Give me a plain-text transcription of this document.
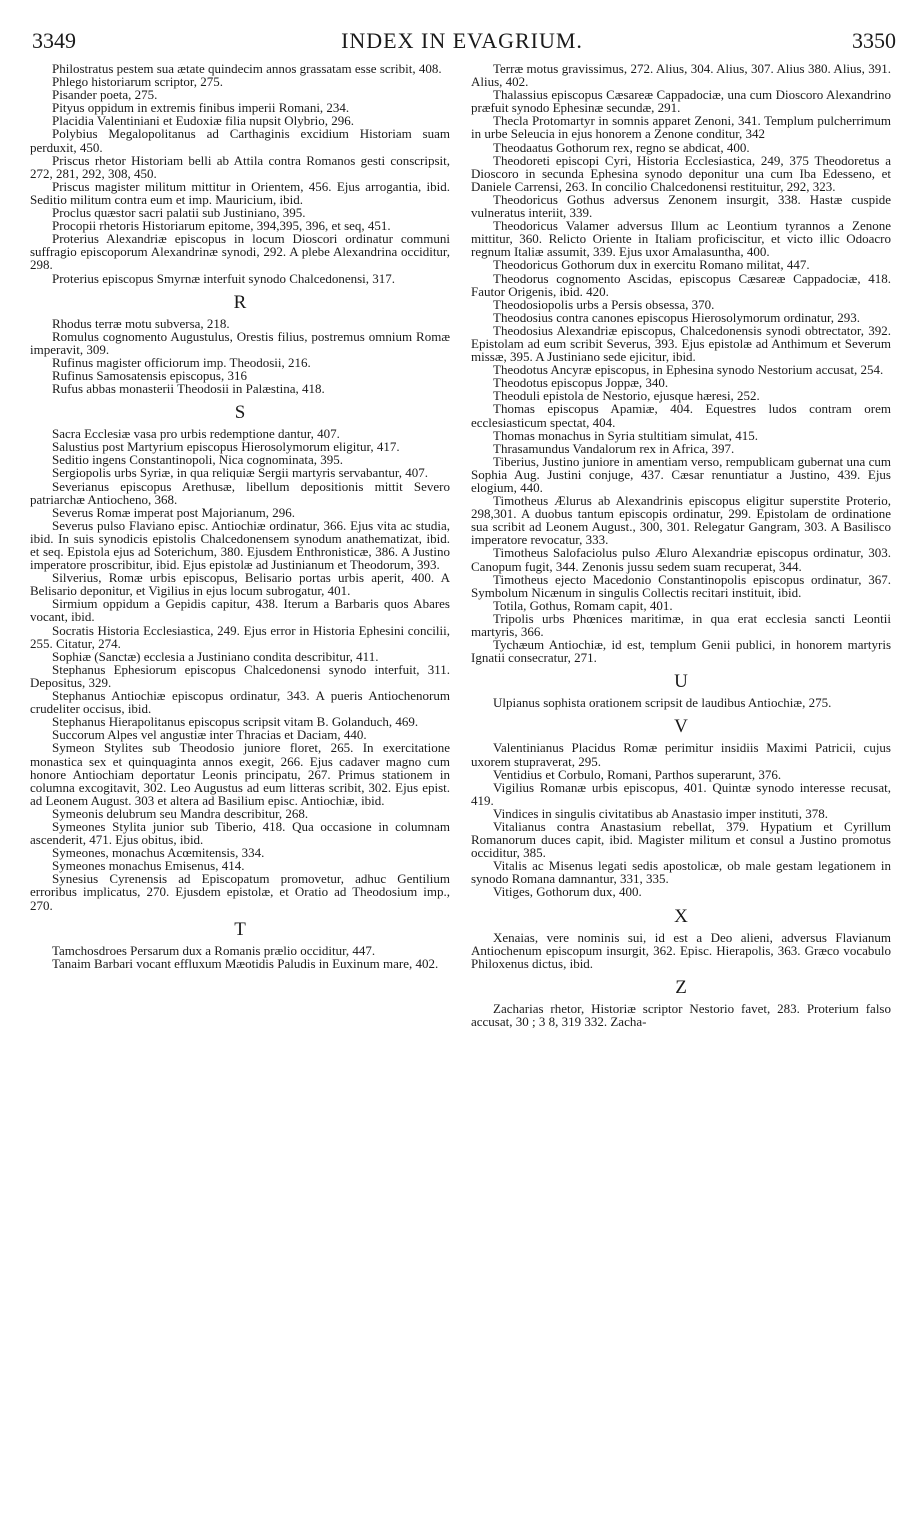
3349	INDEX IN EVAGRIUM.	3350

Philostratus pestem sua ætate quindecim annos grassatam esse scribit, 408.

Phlego historiarum scriptor, 275.

Pisander poeta, 275.

Pityus oppidum in extremis finibus imperii Romani, 234.

Placidia Valentiniani et Eudoxiæ filia nupsit Olybrio, 296.

Polybius Megalopolitanus ad Carthaginis excidium Historiam suam perduxit, 450.

Priscus rhetor Historiam belli ab Attila contra Romanos gesti conscripsit, 272, 281, 292, 308, 450.

Priscus magister militum mittitur in Orientem, 456. Ejus arrogantia, ibid. Seditio militum contra eum et imp. Mauricium, ibid.

Proclus quæstor sacri palatii sub Justiniano, 395.

Procopii rhetoris Historiarum epitome, 394,395, 396, et seq, 451.

Proterius Alexandriæ episcopus in locum Dioscori ordinatur communi suffragio episcoporum Alexandrinæ synodi, 292. A plebe Alexandrina occiditur, 298.

Proterius episcopus Smyrnæ interfuit synodo Chalcedonensi, 317.

R

Rhodus terræ motu subversa, 218.

Romulus cognomento Augustulus, Orestis filius, postremus omnium Romæ imperavit, 309.

Rufinus magister officiorum imp. Theodosii, 216.

Rufinus Samosatensis episcopus, 316

Rufus abbas monasterii Theodosii in Palæstina, 418.

S

Sacra Ecclesiæ vasa pro urbis redemptione dantur, 407.

Salustius post Martyrium episcopus Hierosolymorum eligitur, 417.

Seditio ingens Constantinopoli, Nica cognominata, 395.

Sergiopolis urbs Syriæ, in qua reliquiæ Sergii martyris servabantur, 407.

Severianus episcopus Arethusæ, libellum depositionis mittit Severo patriarchæ Antiocheno, 368.

Severus Romæ imperat post Majorianum, 296.

Severus pulso Flaviano episc. Antiochiæ ordinatur, 366. Ejus vita ac studia, ibid. In suis synodicis epistolis Chalcedonensem synodum anathematizat, ibid. et seq. Epistola ejus ad Soterichum, 380. Ejusdem Enthronisticæ, 386. A Justino imperatore proscribitur, ibid. Ejus epistolæ ad Justinianum et Theodorum, 393.

Silverius, Romæ urbis episcopus, Belisario portas urbis aperit, 400. A Belisario deponitur, et Vigilius in ejus locum subrogatur, 401.

Sirmium oppidum a Gepidis capitur, 438. Iterum a Barbaris quos Abares vocant, ibid.

Socratis Historia Ecclesiastica, 249. Ejus error in Historia Ephesini concilii, 255. Citatur, 274.

Sophiæ (Sanctæ) ecclesia a Justiniano condita describitur, 411.

Stephanus Ephesiorum episcopus Chalcedonensi synodo interfuit, 311. Depositus, 329.

Stephanus Antiochiæ episcopus ordinatur, 343. A pueris Antiochenorum crudeliter occisus, ibid.

Stephanus Hierapolitanus episcopus scripsit vitam B. Golanduch, 469.

Succorum Alpes vel angustiæ inter Thracias et Daciam, 440.

Symeon Stylites sub Theodosio juniore floret, 265. In exercitatione monastica sex et quinquaginta annos exegit, 266. Ejus cadaver magno cum honore Antiochiam deportatur Leonis principatu, 267. Primus stationem in columna excogitavit, 302. Leo Augustus ad eum litteras scribit, 302. Ejus epist. ad Leonem August. 303 et altera ad Basilium episc. Antiochiæ, ibid.

Symeonis delubrum seu Mandra describitur, 268.

Symeones Stylita junior sub Tiberio, 418. Qua occasione in columnam ascenderit, 471. Ejus obitus, ibid.

Symeones, monachus Acœmitensis, 334.

Symeones monachus Emisenus, 414.

Synesius Cyrenensis ad Episcopatum promovetur, adhuc Gentilium erroribus implicatus, 270. Ejusdem epistolæ, et Oratio ad Theodosium imp., 270.

T

Tamchosdroes Persarum dux a Romanis prælio occiditur, 447.

Tanaim Barbari vocant effluxum Mæotidis Paludis in Euxinum mare, 402.

Terræ motus gravissimus, 272. Alius, 304. Alius, 307. Alius 380. Alius, 391. Alius, 402.

Thalassius episcopus Cæsareæ Cappadociæ, una cum Dioscoro Alexandrino præfuit synodo Ephesinæ secundæ, 291.

Thecla Protomartyr in somnis apparet Zenoni, 341. Templum pulcherrimum in urbe Seleucia in ejus honorem a Zenone conditur, 342

Theodaatus Gothorum rex, regno se abdicat, 400.

Theodoreti episcopi Cyri, Historia Ecclesiastica, 249, 375 Theodoretus a Dioscoro in secunda Ephesina synodo deponitur una cum Iba Edesseno, et Daniele Carrensi, 263. In concilio Chalcedonensi restituitur, 292, 323.

Theodoricus Gothus adversus Zenonem insurgit, 338. Hastæ cuspide vulneratus interiit, 339.

Theodoricus Valamer adversus Illum ac Leontium tyrannos a Zenone mittitur, 360. Relicto Oriente in Italiam proficiscitur, et victo illic Odoacro regnum Italiæ assumit, 339. Ejus uxor Amalasuntha, 400.

Theodoricus Gothorum dux in exercitu Romano militat, 447.

Theodorus cognomento Ascidas, episcopus Cæsareæ Cappadociæ, 418. Fautor Origenis, ibid. 420.

Theodosiopolis urbs a Persis obsessa, 370.

Theodosius contra canones episcopus Hierosolymorum ordinatur, 293.

Theodosius Alexandriæ episcopus, Chalcedonensis synodi obtrectator, 392. Epistolam ad eum scribit Severus, 393. Ejus epistolæ ad Anthimum et Severum missæ, 395. A Justiniano sede ejicitur, ibid.

Theodotus Ancyræ episcopus, in Ephesina synodo Nestorium accusat, 254.

Theodotus episcopus Joppæ, 340.

Theoduli epistola de Nestorio, ejusque hæresi, 252.

Thomas episcopus Apamiæ, 404. Equestres ludos contram orem ecclesiasticum spectat, 404.

Thomas monachus in Syria stultitiam simulat, 415.

Thrasamundus Vandalorum rex in Africa, 397.

Tiberius, Justino juniore in amentiam verso, rempublicam gubernat una cum Sophia Aug. Justini conjuge, 437. Cæsar renuntiatur a Justino, 439. Ejus elogium, 440.

Timotheus Ælurus ab Alexandrinis episcopus eligitur superstite Proterio, 298,301. A duobus tantum episcopis ordinatur, 299. Epistolam de ordinatione sua scribit ad Leonem August., 300, 301. Relegatur Gangram, 303. A Basilisco imperatore revocatur, 333.

Timotheus Salofaciolus pulso Æluro Alexandriæ episcopus ordinatur, 303. Canopum fugit, 344. Zenonis jussu sedem suam recuperat, 344.

Timotheus ejecto Macedonio Constantinopolis episcopus ordinatur, 367. Symbolum Nicænum in singulis Collectis recitari instituit, ibid.

Totila, Gothus, Romam capit, 401.

Tripolis urbs Phœnices maritimæ, in qua erat ecclesia sancti Leontii martyris, 366.

Tychæum Antiochiæ, id est, templum Genii publici, in honorem martyris Ignatii consecratur, 271.

U

Ulpianus sophista orationem scripsit de laudibus Antiochiæ, 275.

V

Valentinianus Placidus Romæ perimitur insidiis Maximi Patricii, cujus uxorem stupraverat, 295.

Ventidius et Corbulo, Romani, Parthos superarunt, 376.

Vigilius Romanæ urbis episcopus, 401. Quintæ synodo interesse recusat, 419.

Vindices in singulis civitatibus ab Anastasio imper instituti, 378.

Vitalianus contra Anastasium rebellat, 379. Hypatium et Cyrillum Romanorum duces capit, ibid. Magister militum et consul a Justino promotus occiditur, 385.

Vitalis ac Misenus legati sedis apostolicæ, ob male gestam legationem in synodo Romana damnantur, 331, 335.

Vitiges, Gothorum dux, 400.

X

Xenaias, vere nominis sui, id est a Deo alieni, adversus Flavianum Antiochenum episcopum insurgit, 362. Episc. Hierapolis, 363. Græco vocabulo Philoxenus dictus, ibid.

Z

Zacharias rhetor, Historiæ scriptor Nestorio favet, 283. Proterium falso accusat, 30 ; 3 8, 319 332. Zacha-
